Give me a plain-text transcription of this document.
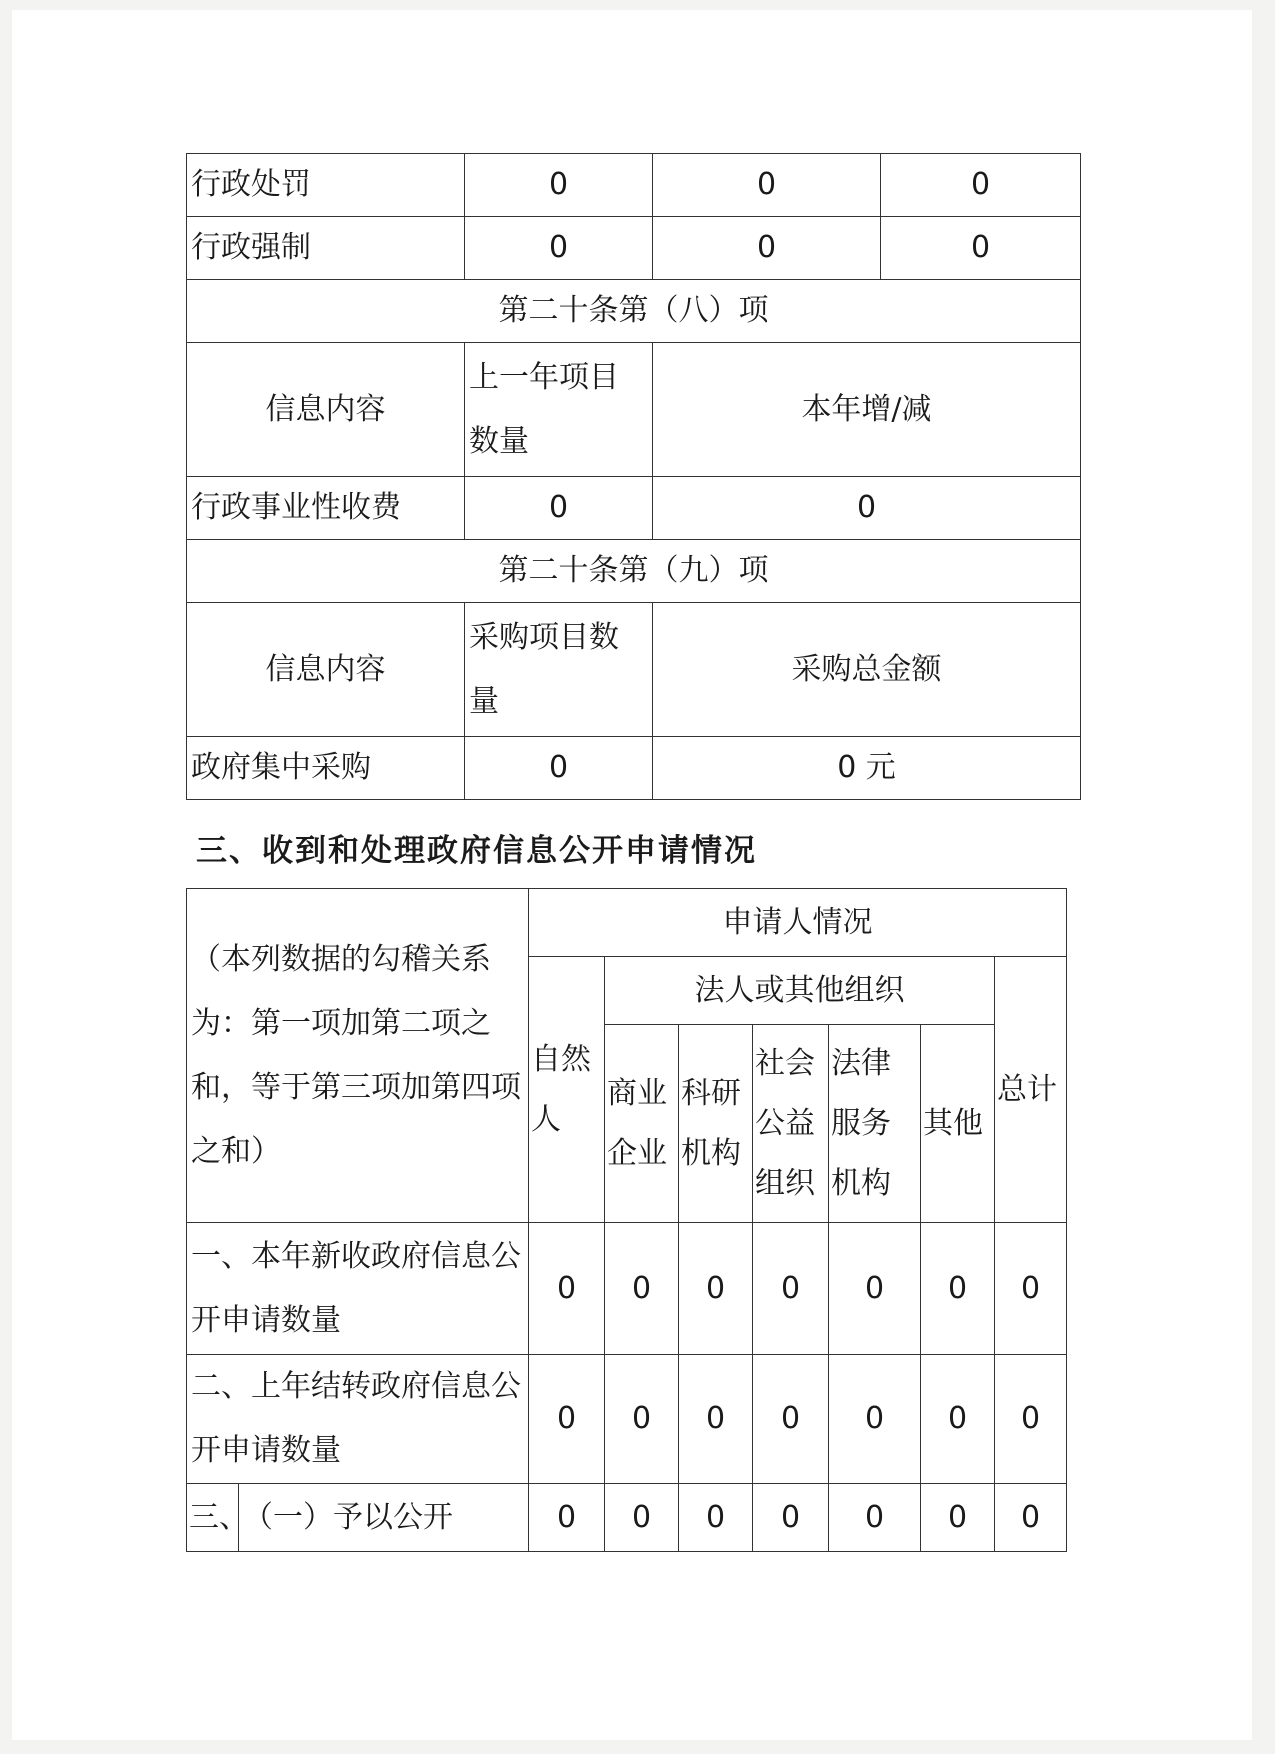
行政处罚	0	0	0
行政强制	0	0	0
第二十条第（八）项			
信息内容	上一年项目数量	本年增/减	
行政事业性收费	0	0	
第二十条第（九）项			
信息内容	采购项目数量	采购总金额	
政府集中采购	0	0 元	
三、收到和处理政府信息公开申请情况
（本列数据的勾稽关系为：第一项加第二项之和，等于第三项加第四项之和）		申请人情况						
		自然人	法人或其他组织					总计
			商业企业	科研机构	社会公益组织	法律服务机构	其他	
一、本年新收政府信息公开申请数量		0	0	0	0	0	0	0
二、上年结转政府信息公开申请数量		0	0	0	0	0	0	0
三、	（一）予以公开	0	0	0	0	0	0	0
